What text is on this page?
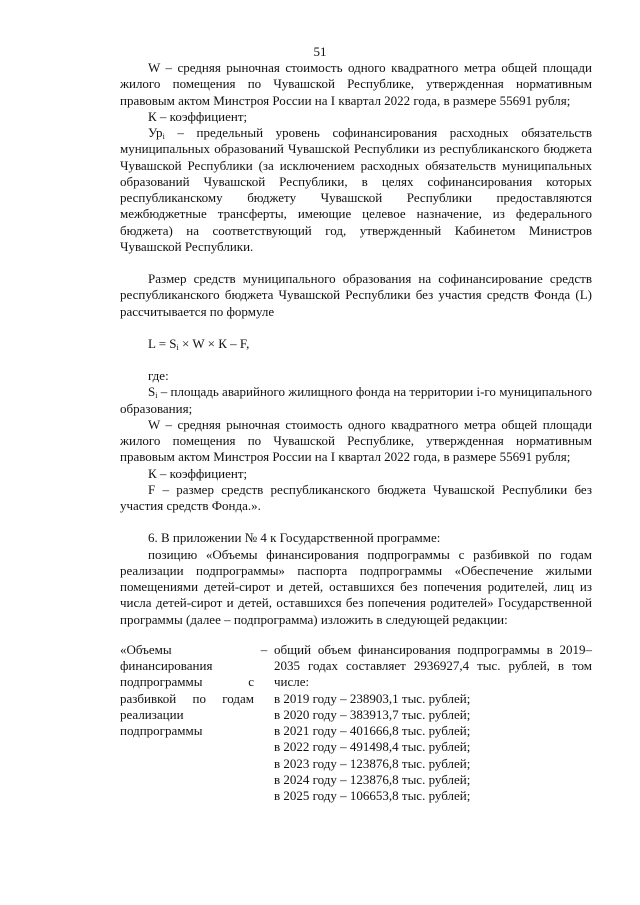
51

W – средняя рыночная стоимость одного квадратного метра общей площади жилого помещения по Чувашской Республике, утвержденная нормативным правовым актом Минстроя России на I квартал 2022 года, в размере 55691 рубля;

К – коэффициент;

$Ур_i$ – предельный уровень софинансирования расходных обязательств муниципальных образований Чувашской Республики из республиканского бюджета Чувашской Республики (за исключением расходных обязательств муниципальных образований Чувашской Республики, в целях софинансирования которых республиканскому бюджету Чувашской Республики предоставляются межбюджетные трансферты, имеющие целевое назначение, из федерального бюджета) на соответствующий год, утвержденный Кабинетом Министров Чувашской Республики.

Размер средств муниципального образования на софинансирование средств республиканского бюджета Чувашской Республики без участия средств Фонда (L) рассчитывается по формуле

$L = S_i \times W \times К - F$,

где:

$S_i$ – площадь аварийного жилищного фонда на территории i-го муниципального образования;

W – средняя рыночная стоимость одного квадратного метра общей площади жилого помещения по Чувашской Республике, утвержденная нормативным правовым актом Минстроя России на I квартал 2022 года, в размере 55691 рубля;

К – коэффициент;

F – размер средств республиканского бюджета Чувашской Республики без участия средств Фонда.».

6. В приложении № 4 к Государственной программе:

позицию «Объемы финансирования подпрограммы с разбивкой по годам реализации подпрограммы» паспорта подпрограммы «Обеспечение жилыми помещениями детей-сирот и детей, оставшихся без попечения родителей, лиц из числа детей-сирот и детей, оставшихся без попечения родителей» Государственной программы (далее – подпрограмма) изложить в следующей редакции:

«Объемы финансирования подпрограммы с разбивкой по годам реализации подпрограммы
– общий объем финансирования подпрограммы в 2019–2035 годах составляет 2936927,4 тыс. рублей, в том числе:

в 2019 году – 238903,1 тыс. рублей;

в 2020 году – 383913,7 тыс. рублей;

в 2021 году – 401666,8 тыс. рублей;

в 2022 году – 491498,4 тыс. рублей;

в 2023 году – 123876,8 тыс. рублей;

в 2024 году – 123876,8 тыс. рублей;

в 2025 году – 106653,8 тыс. рублей;
